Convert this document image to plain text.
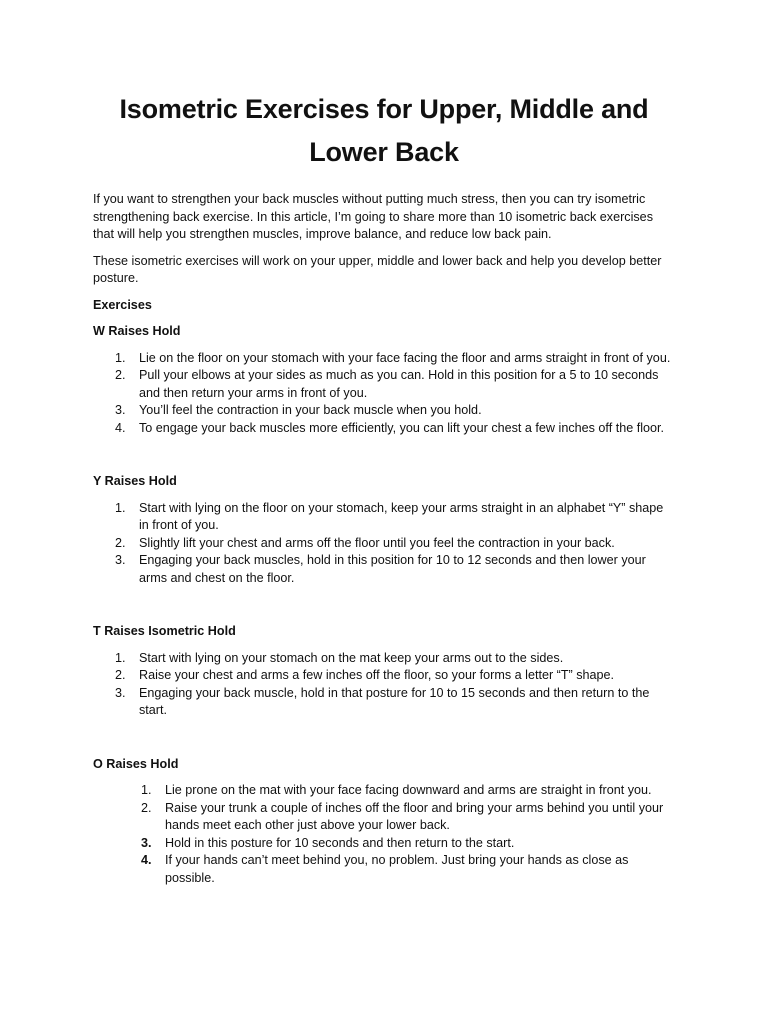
Isometric Exercises for Upper, Middle and Lower Back

If you want to strengthen your back muscles without putting much stress, then you can try isometric strengthening back exercise. In this article, I’m going to share more than 10 isometric back exercises that will help you strengthen muscles, improve balance, and reduce low back pain.

These isometric exercises will work on your upper, middle and lower back and help you develop better posture.

Exercises
W Raises Hold
1. Lie on the floor on your stomach with your face facing the floor and arms straight in front of you.
2. Pull your elbows at your sides as much as you can. Hold in this position for a 5 to 10 seconds and then return your arms in front of you.
3. You’ll feel the contraction in your back muscle when you hold.
4. To engage your back muscles more efficiently, you can lift your chest a few inches off the floor.
Y Raises Hold
1. Start with lying on the floor on your stomach, keep your arms straight in an alphabet “Y” shape in front of you.
2. Slightly lift your chest and arms off the floor until you feel the contraction in your back.
3. Engaging your back muscles, hold in this position for 10 to 12 seconds and then lower your arms and chest on the floor.
T Raises Isometric Hold
1. Start with lying on your stomach on the mat keep your arms out to the sides.
2. Raise your chest and arms a few inches off the floor, so your forms a letter “T” shape.
3. Engaging your back muscle, hold in that posture for 10 to 15 seconds and then return to the start.
O Raises Hold
1. Lie prone on the mat with your face facing downward and arms are straight in front you.
2. Raise your trunk a couple of inches off the floor and bring your arms behind you until your hands meet each other just above your lower back.
3. Hold in this posture for 10 seconds and then return to the start.
4. If your hands can’t meet behind you, no problem. Just bring your hands as close as possible.
